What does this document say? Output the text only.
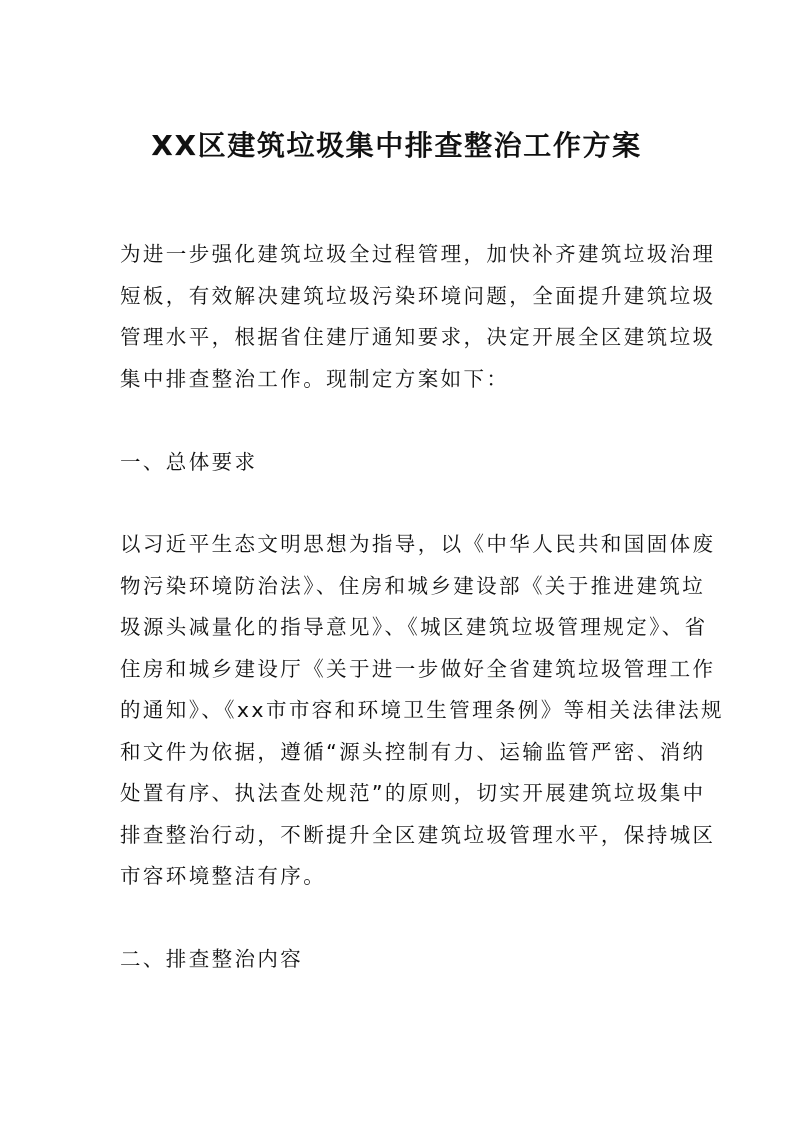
XX区建筑垃圾集中排查整治工作方案
为进一步强化建筑垃圾全过程管理，加快补齐建筑垃圾治理
短板，有效解决建筑垃圾污染环境问题，全面提升建筑垃圾
管理水平，根据省住建厅通知要求，决定开展全区建筑垃圾
集中排查整治工作。现制定方案如下：
一、总体要求
以习近平生态文明思想为指导，以《中华人民共和国固体废
物污染环境防治法》、住房和城乡建设部《关于推进建筑垃
圾源头减量化的指导意见》、《城区建筑垃圾管理规定》、省
住房和城乡建设厅《关于进一步做好全省建筑垃圾管理工作
的通知》、《xx市市容和环境卫生管理条例》等相关法律法规
和文件为依据，遵循“源头控制有力、运输监管严密、消纳
处置有序、执法查处规范”的原则，切实开展建筑垃圾集中
排查整治行动，不断提升全区建筑垃圾管理水平，保持城区
市容环境整洁有序。
二、排查整治内容
